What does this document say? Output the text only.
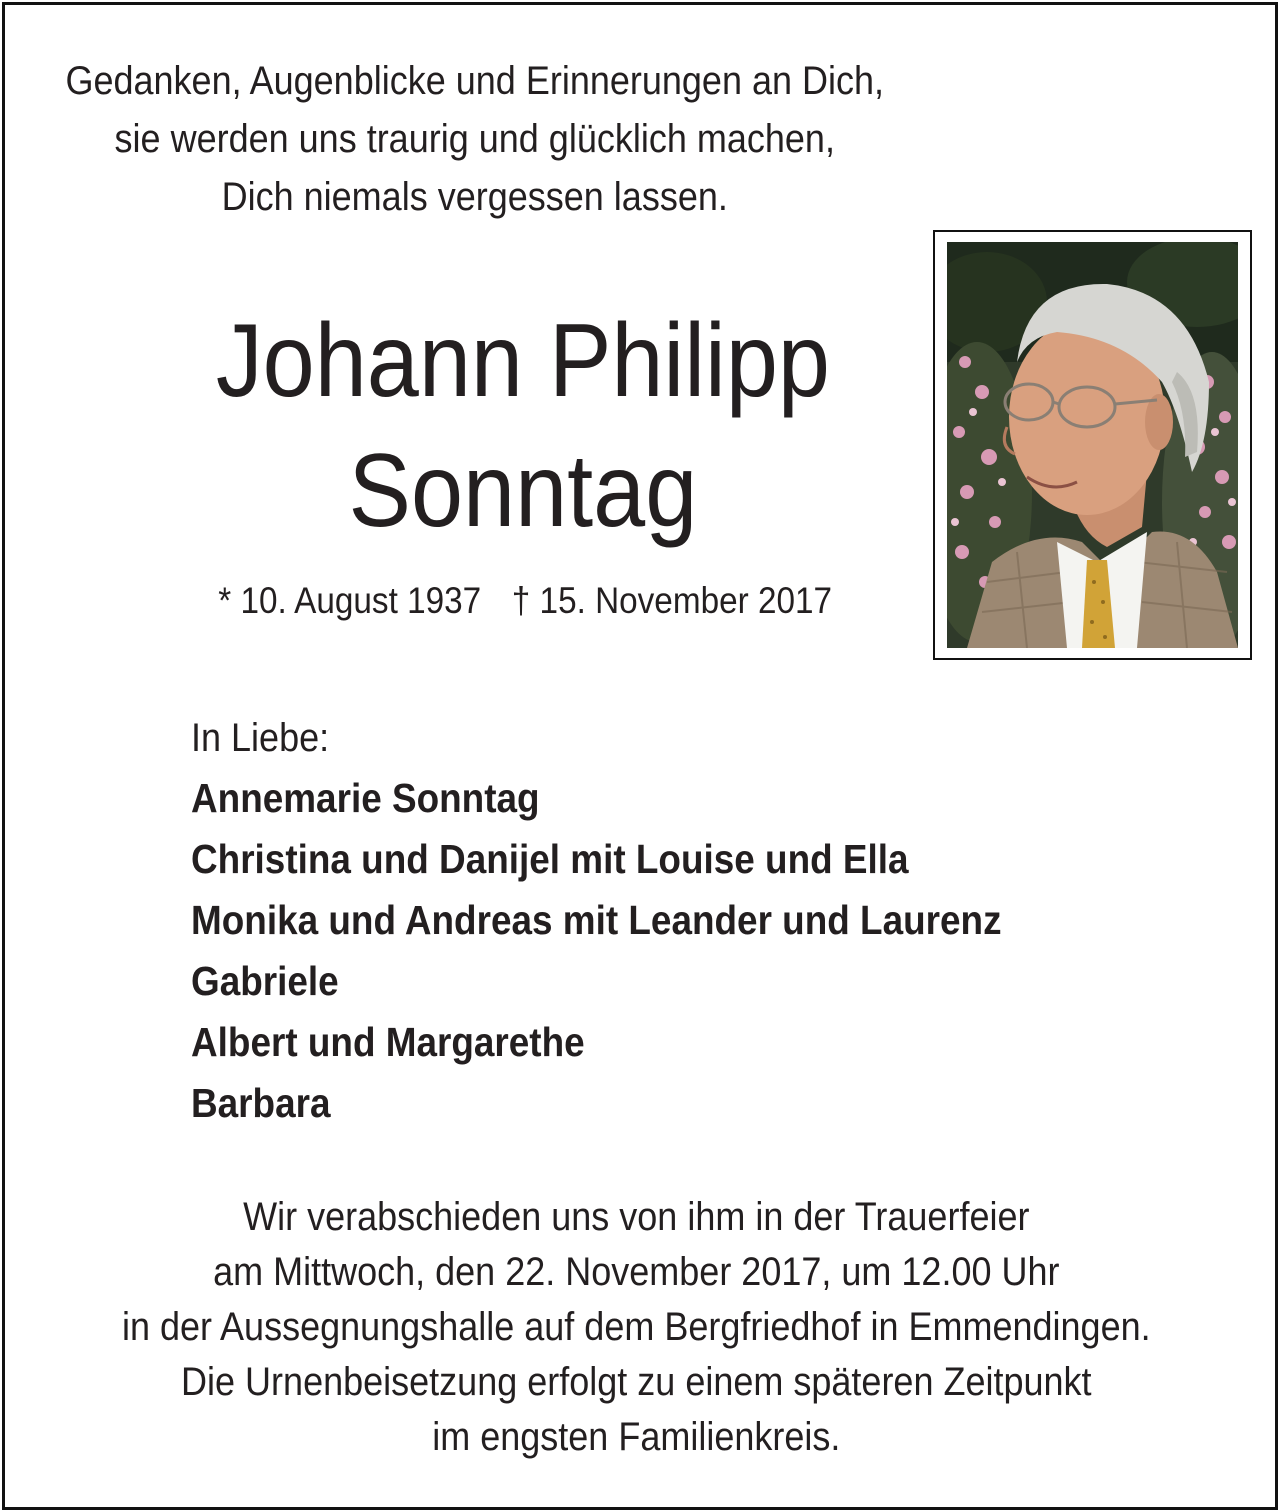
Gedanken, Augenblicke und Erinnerungen an Dich,
sie werden uns traurig und glücklich machen,
Dich niemals vergessen lassen.
Johann Philipp
Sonntag
* 10. August 1937 † 15. November 2017
In Liebe:
Annemarie Sonntag
Christina und Danijel mit Louise und Ella
Monika und Andreas mit Leander und Laurenz
Gabriele
Albert und Margarethe
Barbara
Wir verabschieden uns von ihm in der Trauerfeier
am Mittwoch, den 22. November 2017, um 12.00 Uhr
in der Aussegnungshalle auf dem Bergfriedhof in Emmendingen.
Die Urnenbeisetzung erfolgt zu einem späteren Zeitpunkt
im engsten Familienkreis.
